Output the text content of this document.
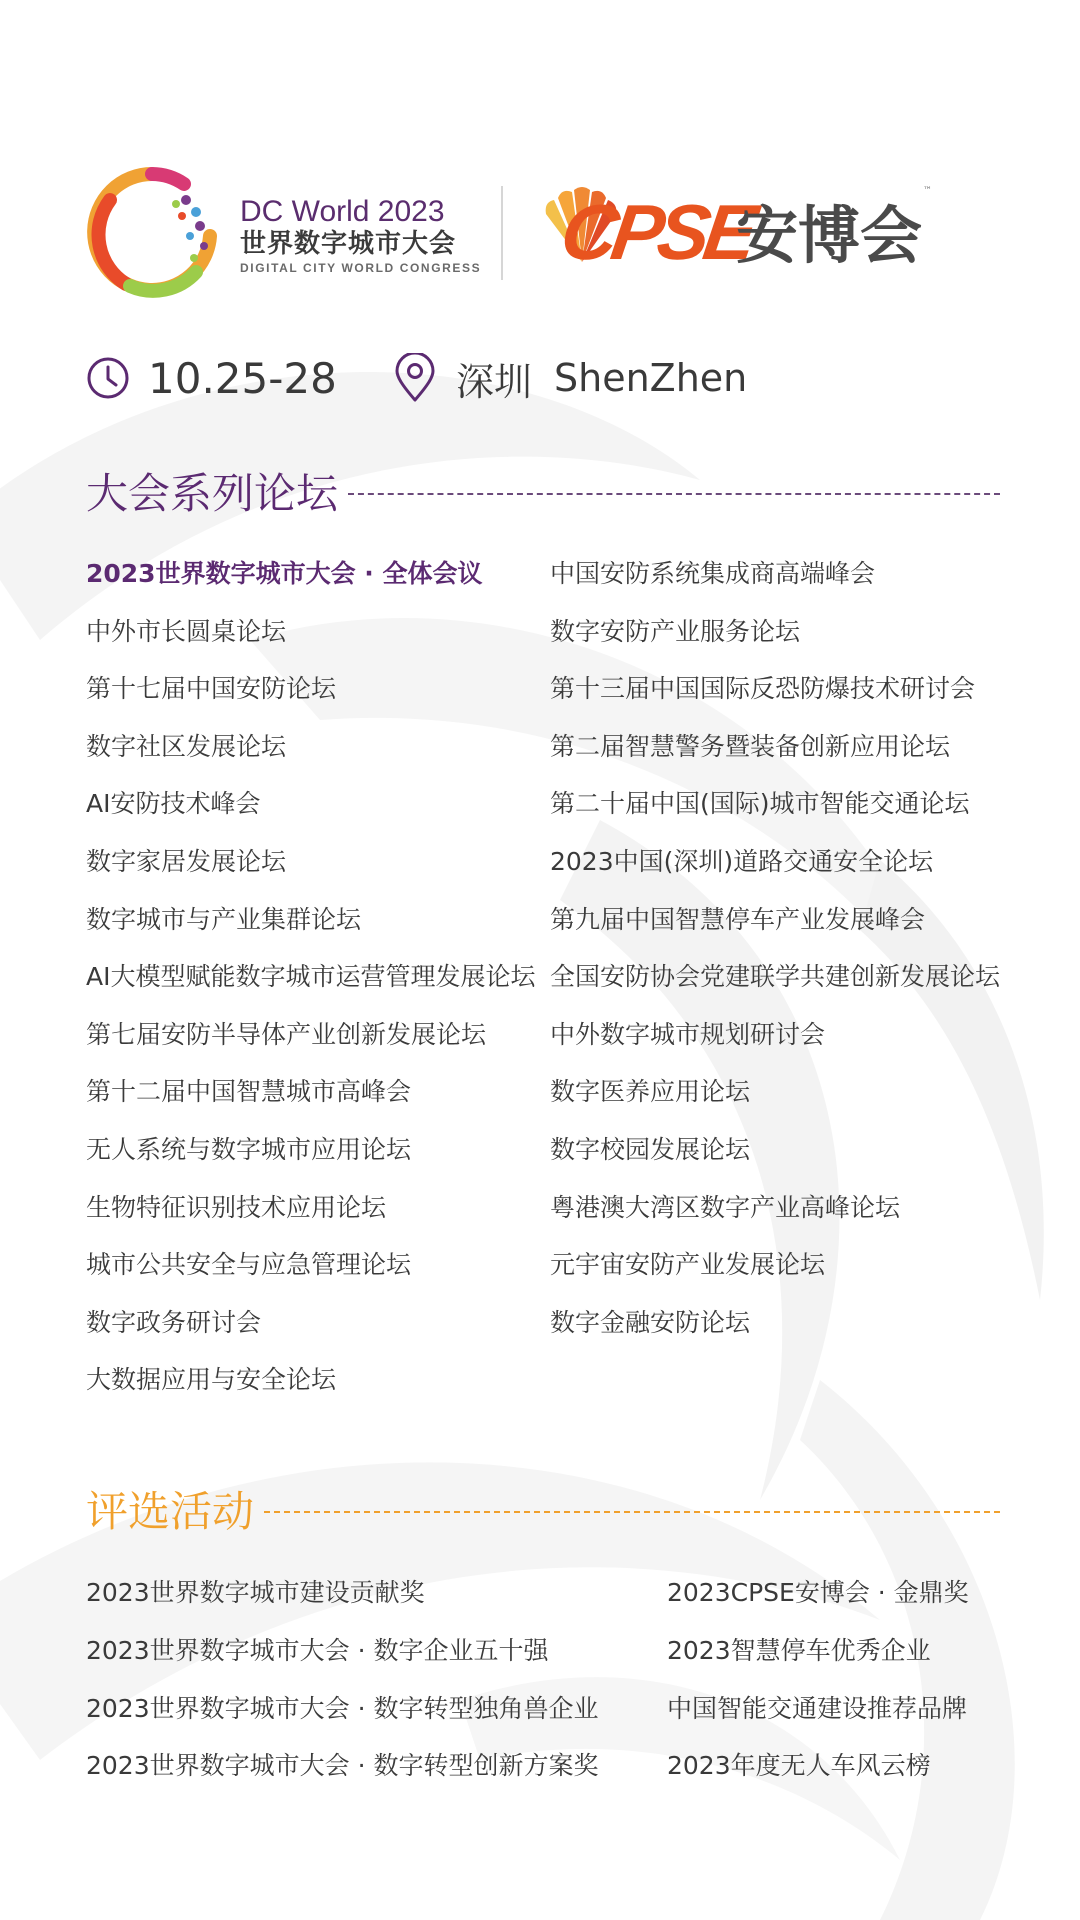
DC World 2023
世界数字城市大会
DIGITAL CITY WORLD CONGRESS CPSE
安博会
™
10.25-28	深圳 ShenZhen
大会系列论坛
2023世界数字城市大会 · 全体会议
中外市长圆桌论坛
第十七届中国安防论坛
数字社区发展论坛
AI安防技术峰会
数字家居发展论坛
数字城市与产业集群论坛
AI大模型赋能数字城市运营管理发展论坛
第七届安防半导体产业创新发展论坛
第十二届中国智慧城市高峰会
无人系统与数字城市应用论坛
生物特征识别技术应用论坛
城市公共安全与应急管理论坛
数字政务研讨会
大数据应用与安全论坛
中国安防系统集成商高端峰会
数字安防产业服务论坛
第十三届中国国际反恐防爆技术研讨会
第二届智慧警务暨装备创新应用论坛
第二十届中国(国际)城市智能交通论坛
2023中国(深圳)道路交通安全论坛
第九届中国智慧停车产业发展峰会
全国安防协会党建联学共建创新发展论坛
中外数字城市规划研讨会
数字医养应用论坛
数字校园发展论坛
粤港澳大湾区数字产业高峰论坛
元宇宙安防产业发展论坛
数字金融安防论坛
评选活动
2023世界数字城市建设贡献奖
2023世界数字城市大会 · 数字企业五十强
2023世界数字城市大会 · 数字转型独角兽企业
2023世界数字城市大会 · 数字转型创新方案奖
2023CPSE安博会 · 金鼎奖
2023智慧停车优秀企业
中国智能交通建设推荐品牌
2023年度无人车风云榜
